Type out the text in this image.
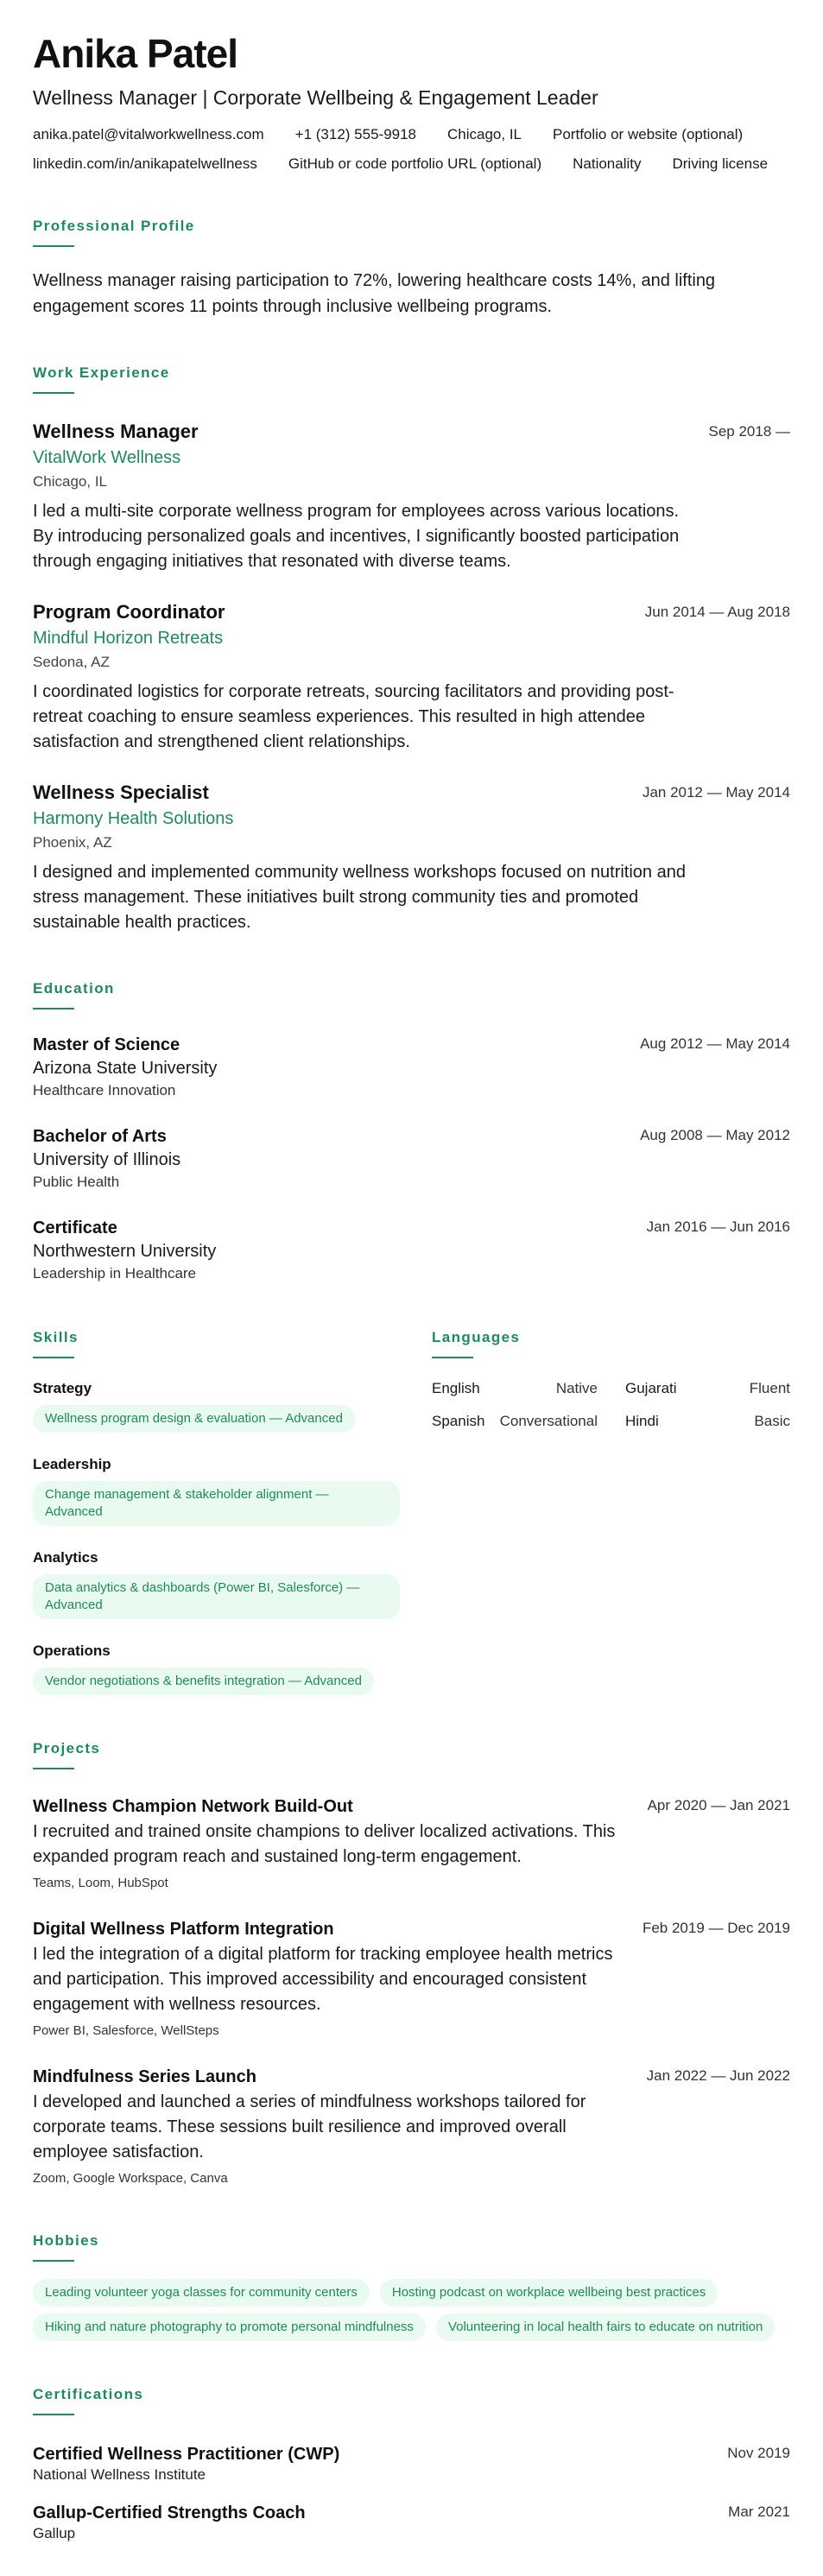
Anika Patel
Wellness Manager | Corporate Wellbeing & Engagement Leader
anika.patel@vitalworkwellness.com +1 (312) 555-9918 Chicago, IL Portfolio or website (optional)
linkedin.com/in/anikapatelwellness GitHub or code portfolio URL (optional) Nationality Driving license
Professional Profile
Wellness manager raising participation to 72%, lowering healthcare costs 14%, and lifting engagement scores 11 points through inclusive wellbeing programs.
Work Experience
Sep 2018 —
Wellness Manager
VitalWork Wellness
Chicago, IL
I led a multi-site corporate wellness program for employees across various locations. By introducing personalized goals and incentives, I significantly boosted participation through engaging initiatives that resonated with diverse teams.
Jun 2014 — Aug 2018
Program Coordinator
Mindful Horizon Retreats
Sedona, AZ
I coordinated logistics for corporate retreats, sourcing facilitators and providing post-retreat coaching to ensure seamless experiences. This resulted in high attendee satisfaction and strengthened client relationships.
Jan 2012 — May 2014
Wellness Specialist
Harmony Health Solutions
Phoenix, AZ
I designed and implemented community wellness workshops focused on nutrition and stress management. These initiatives built strong community ties and promoted sustainable health practices.
Education
Aug 2012 — May 2014
Master of Science
Arizona State University
Healthcare Innovation
Aug 2008 — May 2012
Bachelor of Arts
University of Illinois
Public Health
Jan 2016 — Jun 2016
Certificate
Northwestern University
Leadership in Healthcare
Skills
Strategy
Wellness program design & evaluation — Advanced
Leadership
Change management & stakeholder alignment — Advanced
Analytics
Data analytics & dashboards (Power BI, Salesforce) — Advanced
Operations
Vendor negotiations & benefits integration — Advanced
Languages
English	Native Gujarati	Fluent
Spanish Conversational Hindi	Basic
Projects
Apr 2020 — Jan 2021
Wellness Champion Network Build-Out
I recruited and trained onsite champions to deliver localized activations. This expanded program reach and sustained long-term engagement.
Teams, Loom, HubSpot
Feb 2019 — Dec 2019
Digital Wellness Platform Integration
I led the integration of a digital platform for tracking employee health metrics and participation. This improved accessibility and encouraged consistent engagement with wellness resources.
Power BI, Salesforce, WellSteps
Jan 2022 — Jun 2022
Mindfulness Series Launch
I developed and launched a series of mindfulness workshops tailored for corporate teams. These sessions built resilience and improved overall employee satisfaction.
Zoom, Google Workspace, Canva
Hobbies
Leading volunteer yoga classes for community centers	Hosting podcast on workplace wellbeing best practices
Hiking and nature photography to promote personal mindfulness	Volunteering in local health fairs to educate on nutrition
Certifications
Nov 2019
Certified Wellness Practitioner (CWP)
National Wellness Institute
Mar 2021
Gallup-Certified Strengths Coach
Gallup
